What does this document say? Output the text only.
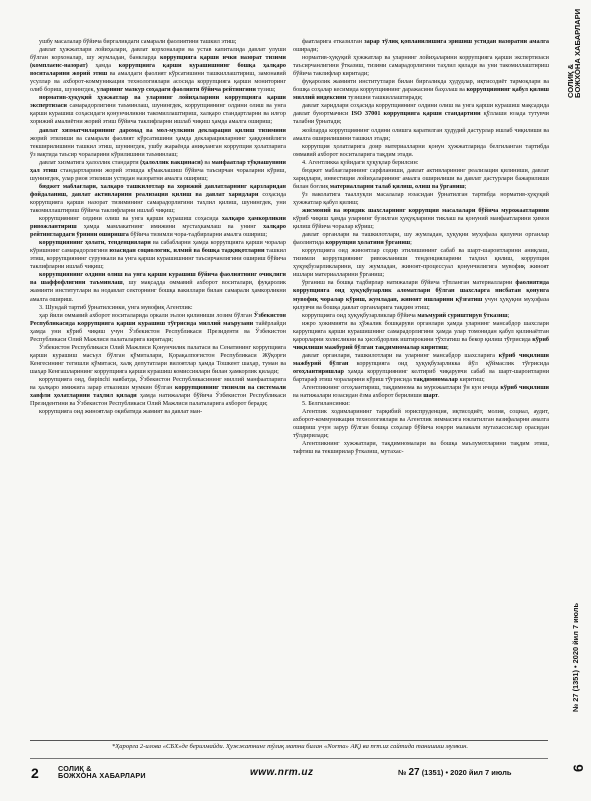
ушбу масалалар бўйича биргаликдаги самарали фаолиятини ташкил этиш;

давлат ҳужжатлари лойиҳалари, давлат корхоналари ва устав капиталида давлат улуши бўлган корхоналар, шу жумладан, банкларда коррупцияга қарши ички назорат тизими (комплаенс-назорат) ҳамда коррупцияга қарши курашишнинг бошқа ҳалқаро воситаларини жорий этиш ва амалдаги фаолият кўрсатишини ташкиллаштириш, замонавий усуллар ва ахборот-коммуникация технологиялари асосида коррупцияга қарши мониторинг олиб бориш, шунингдек, уларнинг мазкур соҳадаги фаолияти бўйича рейтингини тузиш;

норматив-ҳуқуқий ҳужжатлар ва уларнинг лойиҳаларини коррупцияга қарши экспертизаси самарадорлигини таъминлаш, шунингдек, коррупциянинг олдини олиш ва унга қарши курашиш соҳасидаги қонунчиликни такомиллаштириш, халқаро стандартларни ва илғор хорижий амалиётни жорий этиш бўйича таклифларни ишлаб чиқиш ҳамда амалга ошириш;

давлат хизматчиларининг даромад ва мол-мулкини декларация қилиш тизимини жорий этилиши ва самарали фаолият кўрсатишини ҳамда декларацияларнинг ҳаққонийлиги текширилишини ташкил этиш, шунингдек, ушбу жараёнда аниқланган коррупция ҳолатларига ўз вақтида таъсир чораларини кўрилишини таъминлаш;

давлат хизматига ҳалоллик стандарти (ҳалоллик вакцинаси) ва манфаатлар тўқнашувини ҳал этиш стандартларини жорий этишда кўмаклашиш бўйича таъсирчан чораларни кўриш, шунингдек, улар риоя этилиши устидан назоратни амалга ошириш;

бюджет маблағлари, халқаро ташкилотлар ва хорижий давлатларнинг қарзларидан фойдаланиш, давлат активларини реализация қилиш ва давлат харидлари соҳасида коррупцияга қарши назорат тизимининг самарадорлигини таҳлил қилиш, шунингдек, уни такомиллаштириш бўйича таклифларни ишлаб чиқиш;

коррупциянинг олдини олиш ва унга қарши курашиш соҳасида халқаро ҳамкорликни ривожлантириш ҳамда мамлакатнинг имижини мустаҳкамлаш ва унинг халқаро рейтинглардаги ўрнини оширишга бўйича тизимли чора-тадбирларни амалга ошириш;

коррупциянинг ҳолати, тенденциялари ва сабабларни ҳамда коррупцияга қарши чоралар кўришнинг самарадорлигини юзасидан социологик, илмий ва бошқа тадқиқотларни ташкил этиш, коррупциянинг сурункали ва унга қарши курашишнинг таъсирчанлигини ошириш бўйича таклифларни ишлаб чиқиш;

коррупциянинг олдини олиш ва унга қарши курашиш бўйича фаолиятнинг очиқлиги ва шаффофлигини таъминлаш, шу мақсадда оммавий ахборот воситалари, фуқаролик жамияти институтлари ва нодавлат секторнинг бошқа вакиллари билан самарали ҳамкорликни амалга ошириш.

3. Шундай тартиб ўрнатилсинки, унга мувофиқ Агентлик:

ҳар йили оммавий ахборот воситаларида оркали эълон қилиниши лозим бўлган Ўзбекистон Республикасида коррупцияга қарши курашиш тўғрисида миллий маърузани тайёрлайди ҳамда уни кўриб чиқиш учун Ўзбекистон Республикаси Президенти ва Ўзбекистон Республикаси Олий Мажлиси палаталарига киритади;

Ўзбекистон Республикаси Олий Мажлиси Қонунчилик палатаси ва Сенатининг коррупцияга қарши курашиш масъул бўлган қўмиталари, Қорақалпоғистон Республикаси Жўқорғи Кенгесининг тегишли қўмитаси, халқ депутатлари вилоятлар ҳамда Тошкент шаҳар, туман ва шаҳар Кенгашларининг коррупцияга қарши курашиш комиссиялари билан ҳамкорлик қилади;

коррупцияга оид, бирinchi навбатда, Ўзбекистон Республикасининг миллий манфаатларига ва ҳалқаро имижига зарар етказиши мумкин бўлган коррупциянинг тизимли ва системали хавфли ҳолатларини таҳлил қилади ҳамда натижалари бўйича Ўзбекистон Республикаси Президентини ва Ўзбекистон Республикаси Олий Мажлиси палаталарига ахборот беради;

коррупцияга оид жиноятлар оқибатида жамият ва давлат ман-

фаатларига етказилган зарар тўлиқ қопланилишига эришиш устидан назоратни амалга оширади;

норматив-ҳуқуқий ҳужжатлар ва уларнинг лойиҳаларини коррупцияга қарши экспертизаси таъсирчанлигини ўтказиш, тизими самарадорлигини таҳлил қилади ва уни такомиллаштириш бўйича таклифлар киритади;

фуқаролик жамияти институтлари билан биргаликда ҳудудлар, иқтисодиёт тармоқлари ва бошқа соҳалар кесимида коррупциянинг даражасини баҳолаш ва коррупциянинг қабул қилиш миллий индексини тузишни ташкиллаштиради;

давлат харидлари соҳасида коррупциянинг олдини олиш ва унга қарши курашиш мақсадида давлат буюртмачиси ISO 37001 коррупцияга қарши стандартини қўллаши юзада тутувчи талабни ўрнатади;

жойларда коррупциянинг олдини олишга каратилган ҳудудий дастурлар ишлаб чиқилиши ва амалга оширилишини ташкил этади;

коррупция ҳолатларига доир материалларни қонун ҳужжатларида белгиланган тартибда оммавий ахборот воситаларига тақдим этади.

4. Агентликка қуйидаги ҳуқуқлар берилсин:

бюджет маблағларининг сарфланиши, давлат активларининг реализация қилиниши, давлат харидлари, инвестиция лойиҳаларининг амалга оширилиши ва давлат дастурлари бажарилиши билан боғлиқ материалларни талаб қилиш, олиш ва ўрганиш;

ўз ваколатига тааллуқли масалалар юзасидан ўрнатилган тартибда норматив-ҳуқуқий ҳужжатлар қабул қилиш;

жисмоний ва юридик шахсларнинг коррупция масалалари бўйича мурожаатларини кўриб чиқиш ҳамда уларнинг бузилган ҳуқуқларини тиклаш ва қонуний манфаатларини ҳимоя қилиш бўйича чоралар кўриш;

давлат органлари ва ташкилотлари, шу жумладан, ҳуқуқни муҳофаза қилувчи органлар фаолиятида коррупция ҳолатини ўрганиш;

коррупцияга оид жиноятлар содир этилишининг сабаб ва шарт-шароитларини аниқлаш, тизимли коррупциянинг ривожланиши тенденцияларини таҳлил қилиш, коррупция ҳуқуқбузарликларини, шу жумладан, жиноят-процессуал қонунчилигига мувофиқ жиноят ишлари материалларини ўрганиш;

ўрганиш ва бошқа тадбирлар натижалари бўйича тўпланган материалларни фаолиятида коррупцияга оид ҳуқуқбузарлик аломатлари бўлган шахсларга нисбатан қонунга мувофиқ чоралар кўриш, жумладан, жиноят ишларини қўзғатиш учун ҳуқуқни муҳофаза қилувчи ва бошқа давлат органларига тақдим этиш;

коррупцияга оид ҳуқуқбузарликлар бўйича маъмурий суриштирув ўтказиш;

ижро ҳокимияти ва ҳўжалик бошқаруви органлари ҳамда уларнинг мансабдор шахслари каррупцияга қарши курашишнинг самарадорлигини ҳамда улар томонидан қабул қилинаётган қарорларни холисликни ва ҳисобдорлик иштирокини тўхтатиш ва бекор қилиш тўғрисида кўриб чиқилиши мажбурий бўлган тақдимномалар киритиш;

давлат органлари, ташкилотлари ва уларнинг мансабдор шахсларига кўриб чиқилиши мажбурий бўлган коррупцияга оид ҳуқуқбузарликка йўл қўймаслик тўғрисида огоҳлантиришлар ҳамда коррупциянинг келтириб чиқарувчи сабаб ва шарт-шароитларни бартараф этиш чораларини кўриш тўғрисида тақдимномалар киритиш;

Агентликнинг огоҳлантириш, тақдимнома ва мурожаатлари ўн кун ичида кўриб чиқилиши ва натижалари юзасидан ёзма ахборот берилиши шарт.

5. Белгилансинки:

Агентлик ходимларининг тарқибий юриспруденция, иқтисодиёт, молия, социал, аудит, ахборот-коммуникация технологиялари ва Агентлик зиммасига юклатилган вазифаларни амалга ошириш учун зарур бўлган бошқа соҳалар бўйича юқори малакали мутахассислар орасидан тўлдирилади;

Агентликнинг хужжатлари, тақдимномалари ва бошқа маълумотларини тақдим этиш, тафтиш ва текширилар ўтказиш, мутахас-

*Ҳарорга 2-илова «СБХ»де берилмайди. Ҳужжатнинг тўлиқ матни билан «Norma» АҚ) ва nrm.uz сайтида танишиш мумкин.
2	СОЛИҚ &
БОЖХОНА ХАБАРЛАРИ	www.nrm.uz	№ 27 (1351) • 2020 йил 7 июль
СОЛИҚ &
БОЖХОНА ХАБАРЛАРИ
№ 27 (1351) • 2020 йил 7 июль
6
